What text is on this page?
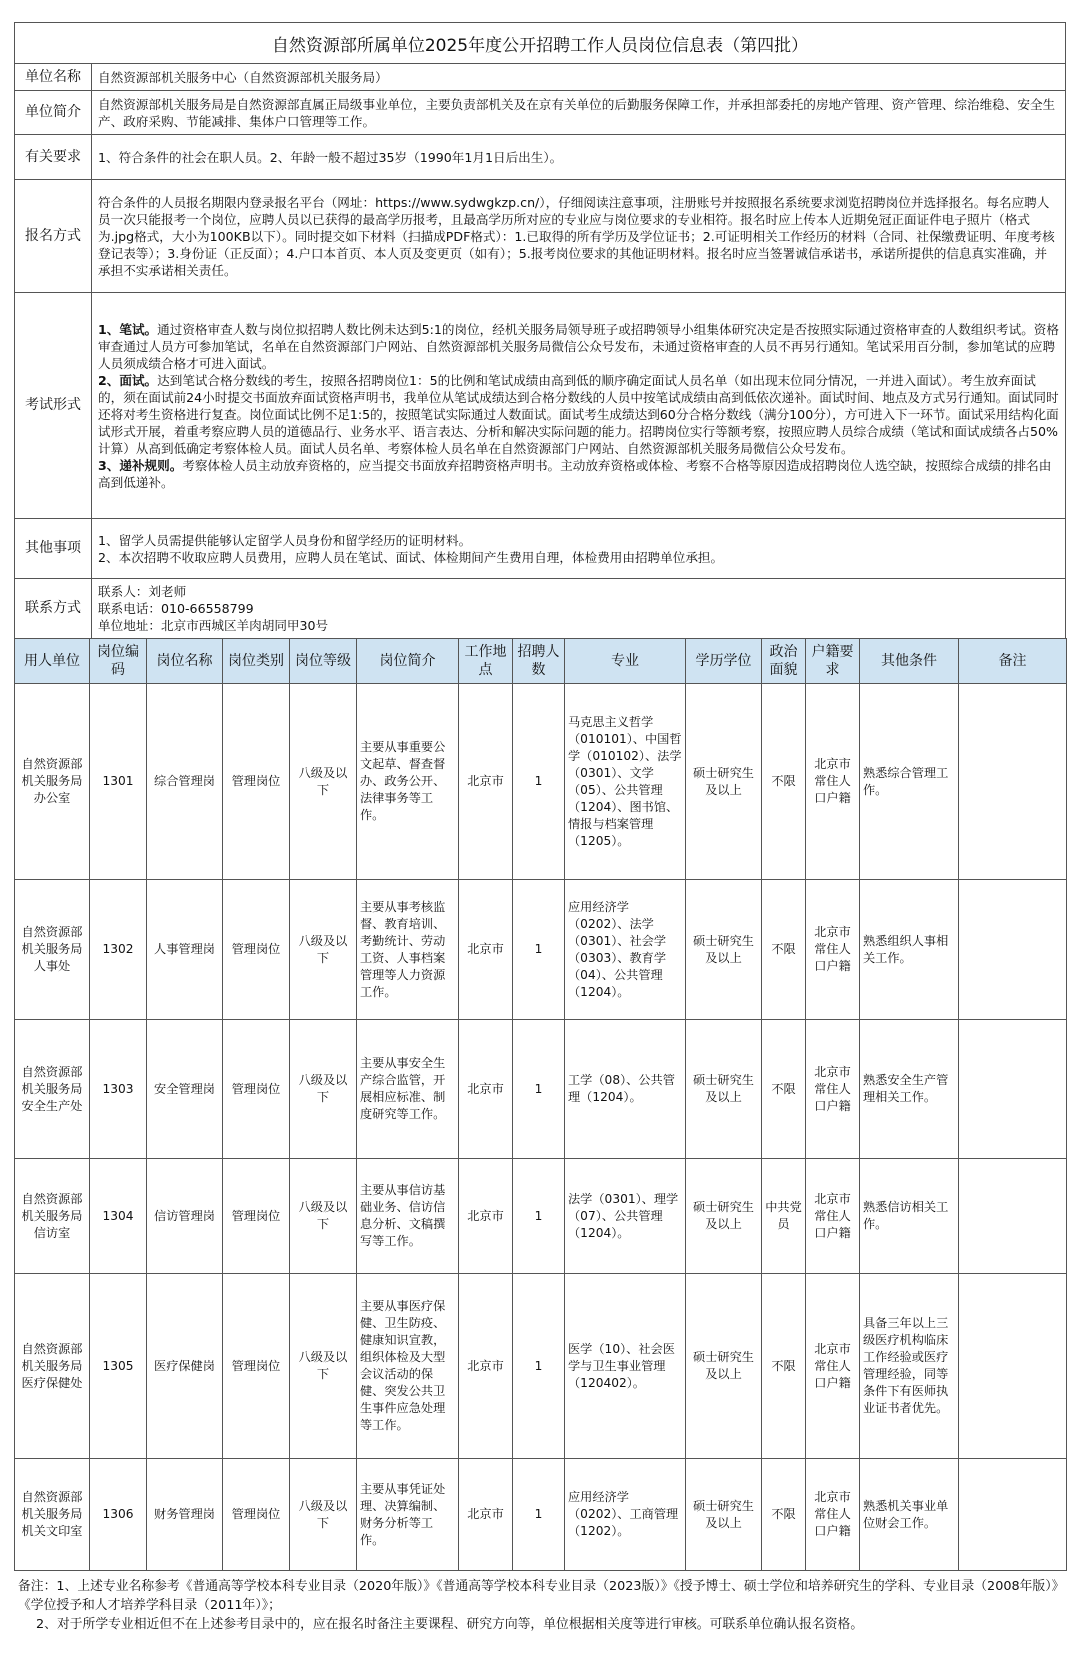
自然资源部所属单位2025年度公开招聘工作人员岗位信息表（第四批）
单位名称	自然资源部机关服务中心（自然资源部机关服务局）
单位简介	自然资源部机关服务局是自然资源部直属正局级事业单位，主要负责部机关及在京有关单位的后勤服务保障工作，并承担部委托的房地产管理、资产管理、综治维稳、安全生产、政府采购、节能减排、集体户口管理等工作。
有关要求	1、符合条件的社会在职人员。2、年龄一般不超过35岁（1990年1月1日后出生）。
报名方式	符合条件的人员报名期限内登录报名平台（网址：https://www.sydwgkzp.cn/），仔细阅读注意事项，注册账号并按照报名系统要求浏览招聘岗位并选择报名。每名应聘人员一次只能报考一个岗位，应聘人员以已获得的最高学历报考，且最高学历所对应的专业应与岗位要求的专业相符。报名时应上传本人近期免冠正面证件电子照片（格式为.jpg格式，大小为100KB以下）。同时提交如下材料（扫描成PDF格式）：1.已取得的所有学历及学位证书；2.可证明相关工作经历的材料（合同、社保缴费证明、年度考核登记表等）；3.身份证（正反面）；4.户口本首页、本人页及变更页（如有）；5.报考岗位要求的其他证明材料。报名时应当签署诚信承诺书，承诺所提供的信息真实准确，并承担不实承诺相关责任。
考试形式	1、笔试。通过资格审查人数与岗位拟招聘人数比例未达到5:1的岗位，经机关服务局领导班子或招聘领导小组集体研究决定是否按照实际通过资格审查的人数组织考试。资格审查通过人员方可参加笔试，名单在自然资源部门户网站、自然资源部机关服务局微信公众号发布，未通过资格审查的人员不再另行通知。笔试采用百分制，参加笔试的应聘人员须成绩合格才可进入面试。
2、面试。达到笔试合格分数线的考生，按照各招聘岗位1：5的比例和笔试成绩由高到低的顺序确定面试人员名单（如出现末位同分情况，一并进入面试）。考生放弃面试的，须在面试前24小时提交书面放弃面试资格声明书，我单位从笔试成绩达到合格分数线的人员中按笔试成绩由高到低依次递补。面试时间、地点及方式另行通知。面试同时还将对考生资格进行复查。岗位面试比例不足1:5的，按照笔试实际通过人数面试。面试考生成绩达到60分合格分数线（满分100分），方可进入下一环节。面试采用结构化面试形式开展，着重考察应聘人员的道德品行、业务水平、语言表达、分析和解决实际问题的能力。招聘岗位实行等额考察，按照应聘人员综合成绩（笔试和面试成绩各占50%计算）从高到低确定考察体检人员。面试人员名单、考察体检人员名单在自然资源部门户网站、自然资源部机关服务局微信公众号发布。
3、递补规则。考察体检人员主动放弃资格的，应当提交书面放弃招聘资格声明书。主动放弃资格或体检、考察不合格等原因造成招聘岗位人选空缺，按照综合成绩的排名由高到低递补。
其他事项	1、留学人员需提供能够认定留学人员身份和留学经历的证明材料。
2、本次招聘不收取应聘人员费用，应聘人员在笔试、面试、体检期间产生费用自理，体检费用由招聘单位承担。

联系方式	联系人：刘老师
联系电话：010-66558799
单位地址：北京市西城区羊肉胡同甲30号
用人单位	岗位编码	岗位名称	岗位类别	岗位等级	岗位简介	工作地点	招聘人数	专业	学历学位	政治面貌	户籍要求	其他条件	备注
自然资源部机关服务局办公室	1301	综合管理岗	管理岗位	八级及以下	主要从事重要公文起草、督查督办、政务公开、法律事务等工作。	北京市	1	马克思主义哲学（010101）、中国哲学（010102）、法学（0301）、文学（05）、公共管理（1204）、图书馆、情报与档案管理（1205）。	硕士研究生及以上	不限	北京市常住人口户籍	熟悉综合管理工作。	
自然资源部机关服务局人事处	1302	人事管理岗	管理岗位	八级及以下	主要从事考核监督、教育培训、考勤统计、劳动工资、人事档案管理等人力资源工作。	北京市	1	应用经济学（0202）、法学（0301）、社会学（0303）、教育学（04）、公共管理（1204）。	硕士研究生及以上	不限	北京市常住人口户籍	熟悉组织人事相关工作。	
自然资源部机关服务局安全生产处	1303	安全管理岗	管理岗位	八级及以下	主要从事安全生产综合监管，开展相应标准、制度研究等工作。	北京市	1	工学（08）、公共管理（1204）。	硕士研究生及以上	不限	北京市常住人口户籍	熟悉安全生产管理相关工作。	
自然资源部机关服务局信访室	1304	信访管理岗	管理岗位	八级及以下	主要从事信访基础业务、信访信息分析、文稿撰写等工作。	北京市	1	法学（0301）、理学（07）、公共管理（1204）。	硕士研究生及以上	中共党员	北京市常住人口户籍	熟悉信访相关工作。	
自然资源部机关服务局医疗保健处	1305	医疗保健岗	管理岗位	八级及以下	主要从事医疗保健、卫生防疫、健康知识宣教，组织体检及大型会议活动的保健、突发公共卫生事件应急处理等工作。	北京市	1	医学（10）、社会医学与卫生事业管理（120402）。	硕士研究生及以上	不限	北京市常住人口户籍	具备三年以上三级医疗机构临床工作经验或医疗管理经验，同等条件下有医师执业证书者优先。	
自然资源部机关服务局机关文印室	1306	财务管理岗	管理岗位	八级及以下	主要从事凭证处理、决算编制、财务分析等工作。	北京市	1	应用经济学（0202）、工商管理（1202）。	硕士研究生及以上	不限	北京市常住人口户籍	熟悉机关事业单位财会工作。	

备注：1、上述专业名称参考《普通高等学校本科专业目录（2020年版）》《普通高等学校本科专业目录（2023版）》《授予博士、硕士学位和培养研究生的学科、专业目录（2008年版）》《学位授予和人才培养学科目录（2011年）》；

2、对于所学专业相近但不在上述参考目录中的，应在报名时备注主要课程、研究方向等，单位根据相关度等进行审核。可联系单位确认报名资格。
